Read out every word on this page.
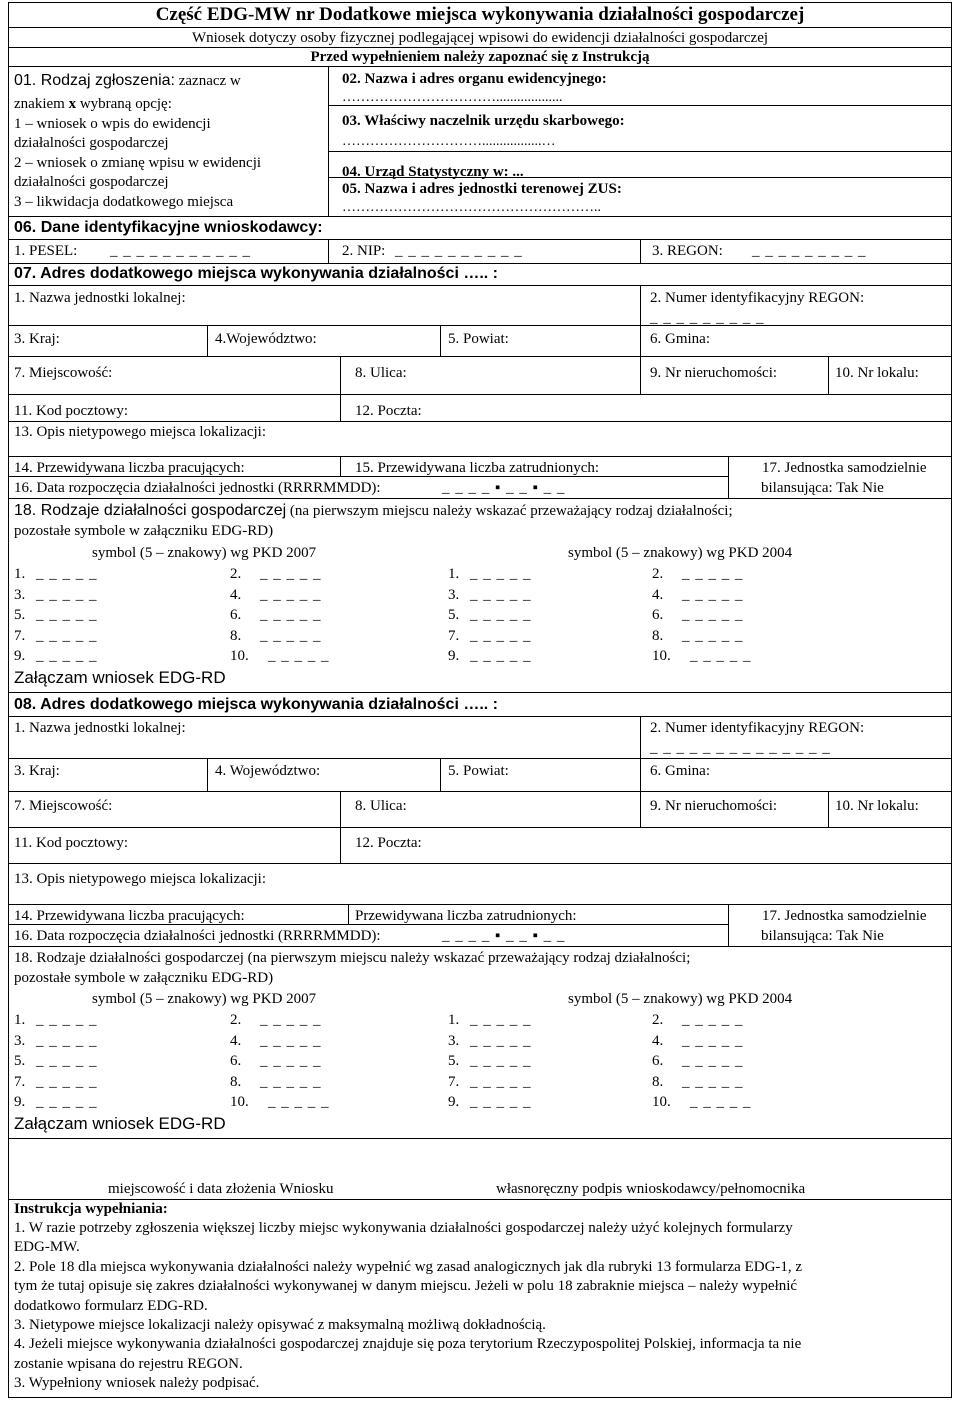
Część EDG-MW nr Dodatkowe miejsca wykonywania działalności gospodarczej
Wniosek dotyczy osoby fizycznej podlegającej wpisowi do ewidencji działalności gospodarczej
Przed wypełnieniem należy zapoznać się z Instrukcją
01. Rodzaj zgłoszenia: zaznacz w
znakiem x wybraną opcję:
1 – wniosek o wpis do ewidencji
działalności gospodarczej
2 – wniosek o zmianę wpisu w ewidencji
działalności gospodarczej
3 – likwidacja dodatkowego miejsca
02. Nazwa i adres organu ewidencyjnego:
……………………………...................
03. Właściwy naczelnik urzędu skarbowego:
………………………….................…
04. Urząd Statystyczny w: ...
05. Nazwa i adres jednostki terenowej ZUS:
………………………………………………..
06. Dane identyfikacyjne wnioskodawcy:
1. PESEL: _ _ _ _ _ _ _ _ _ _ _	2. NIP: _ _ _ _ _ _ _ _ _ _	3. REGON: _ _ _ _ _ _ _ _ _
07. Adres dodatkowego miejsca wykonywania działalności ….. :
1. Nazwa jednostki lokalnej:	2. Numer identyfikacyjny REGON:
_ _ _ _ _ _ _ _ _
3. Kraj:	4.Województwo:	5. Powiat:	6. Gmina:
7. Miejscowość:	8. Ulica:	9. Nr nieruchomości:	10. Nr lokalu:
11. Kod pocztowy:	12. Poczta:
13. Opis nietypowego miejsca lokalizacji:
14. Przewidywana liczba pracujących:	15. Przewidywana liczba zatrudnionych:	17. Jednostka samodzielnie
bilansująca: Tak Nie
16. Data rozpoczęcia działalności jednostki (RRRRMMDD):	_ _ _ _ ▪ _ _ ▪ _ _
18. Rodzaje działalności gospodarczej (na pierwszym miejscu należy wskazać przeważający rodzaj działalności;
pozostałe symbole w załączniku EDG-RD)
symbol (5 – znakowy) wg PKD 2007	symbol (5 – znakowy) wg PKD 2004
1. _ _ _ _ _	2. _ _ _ _ _	1. _ _ _ _ _	2. _ _ _ _ _
3. _ _ _ _ _	4. _ _ _ _ _	3. _ _ _ _ _	4. _ _ _ _ _
5. _ _ _ _ _	6. _ _ _ _ _	5. _ _ _ _ _	6. _ _ _ _ _
7. _ _ _ _ _	8. _ _ _ _ _	7. _ _ _ _ _	8. _ _ _ _ _
9. _ _ _ _ _	10. _ _ _ _ _	9. _ _ _ _ _	10. _ _ _ _ _
Załączam wniosek EDG-RD
08. Adres dodatkowego miejsca wykonywania działalności ….. :
1. Nazwa jednostki lokalnej:	2. Numer identyfikacyjny REGON:
_ _ _ _ _ _ _ _ _ _ _ _ _ _
3. Kraj:	4. Województwo:	5. Powiat:	6. Gmina:
7. Miejscowość:	8. Ulica:	9. Nr nieruchomości:	10. Nr lokalu:
11. Kod pocztowy:	12. Poczta:
13. Opis nietypowego miejsca lokalizacji:
14. Przewidywana liczba pracujących:	Przewidywana liczba zatrudnionych:	17. Jednostka samodzielnie
bilansująca: Tak Nie
16. Data rozpoczęcia działalności jednostki (RRRRMMDD):	_ _ _ _ ▪ _ _ ▪ _ _
18. Rodzaje działalności gospodarczej (na pierwszym miejscu należy wskazać przeważający rodzaj działalności;
pozostałe symbole w załączniku EDG-RD)
symbol (5 – znakowy) wg PKD 2007	symbol (5 – znakowy) wg PKD 2004
1. _ _ _ _ _	2. _ _ _ _ _	1. _ _ _ _ _	2. _ _ _ _ _
3. _ _ _ _ _	4. _ _ _ _ _	3. _ _ _ _ _	4. _ _ _ _ _
5. _ _ _ _ _	6. _ _ _ _ _	5. _ _ _ _ _	6. _ _ _ _ _
7. _ _ _ _ _	8. _ _ _ _ _	7. _ _ _ _ _	8. _ _ _ _ _
9. _ _ _ _ _	10. _ _ _ _ _	9. _ _ _ _ _	10. _ _ _ _ _
Załączam wniosek EDG-RD
miejscowość i data złożenia Wniosku	własnoręczny podpis wnioskodawcy/pełnomocnika
Instrukcja wypełniania:
1. W razie potrzeby zgłoszenia większej liczby miejsc wykonywania działalności gospodarczej należy użyć kolejnych formularzy
EDG-MW.
2. Pole 18 dla miejsca wykonywania działalności należy wypełnić wg zasad analogicznych jak dla rubryki 13 formularza EDG-1, z
tym że tutaj opisuje się zakres działalności wykonywanej w danym miejscu. Jeżeli w polu 18 zabraknie miejsca – należy wypełnić
dodatkowo formularz EDG-RD.
3. Nietypowe miejsce lokalizacji należy opisywać z maksymalną możliwą dokładnością.
4. Jeżeli miejsce wykonywania działalności gospodarczej znajduje się poza terytorium Rzeczypospolitej Polskiej, informacja ta nie
zostanie wpisana do rejestru REGON.
3. Wypełniony wniosek należy podpisać.
